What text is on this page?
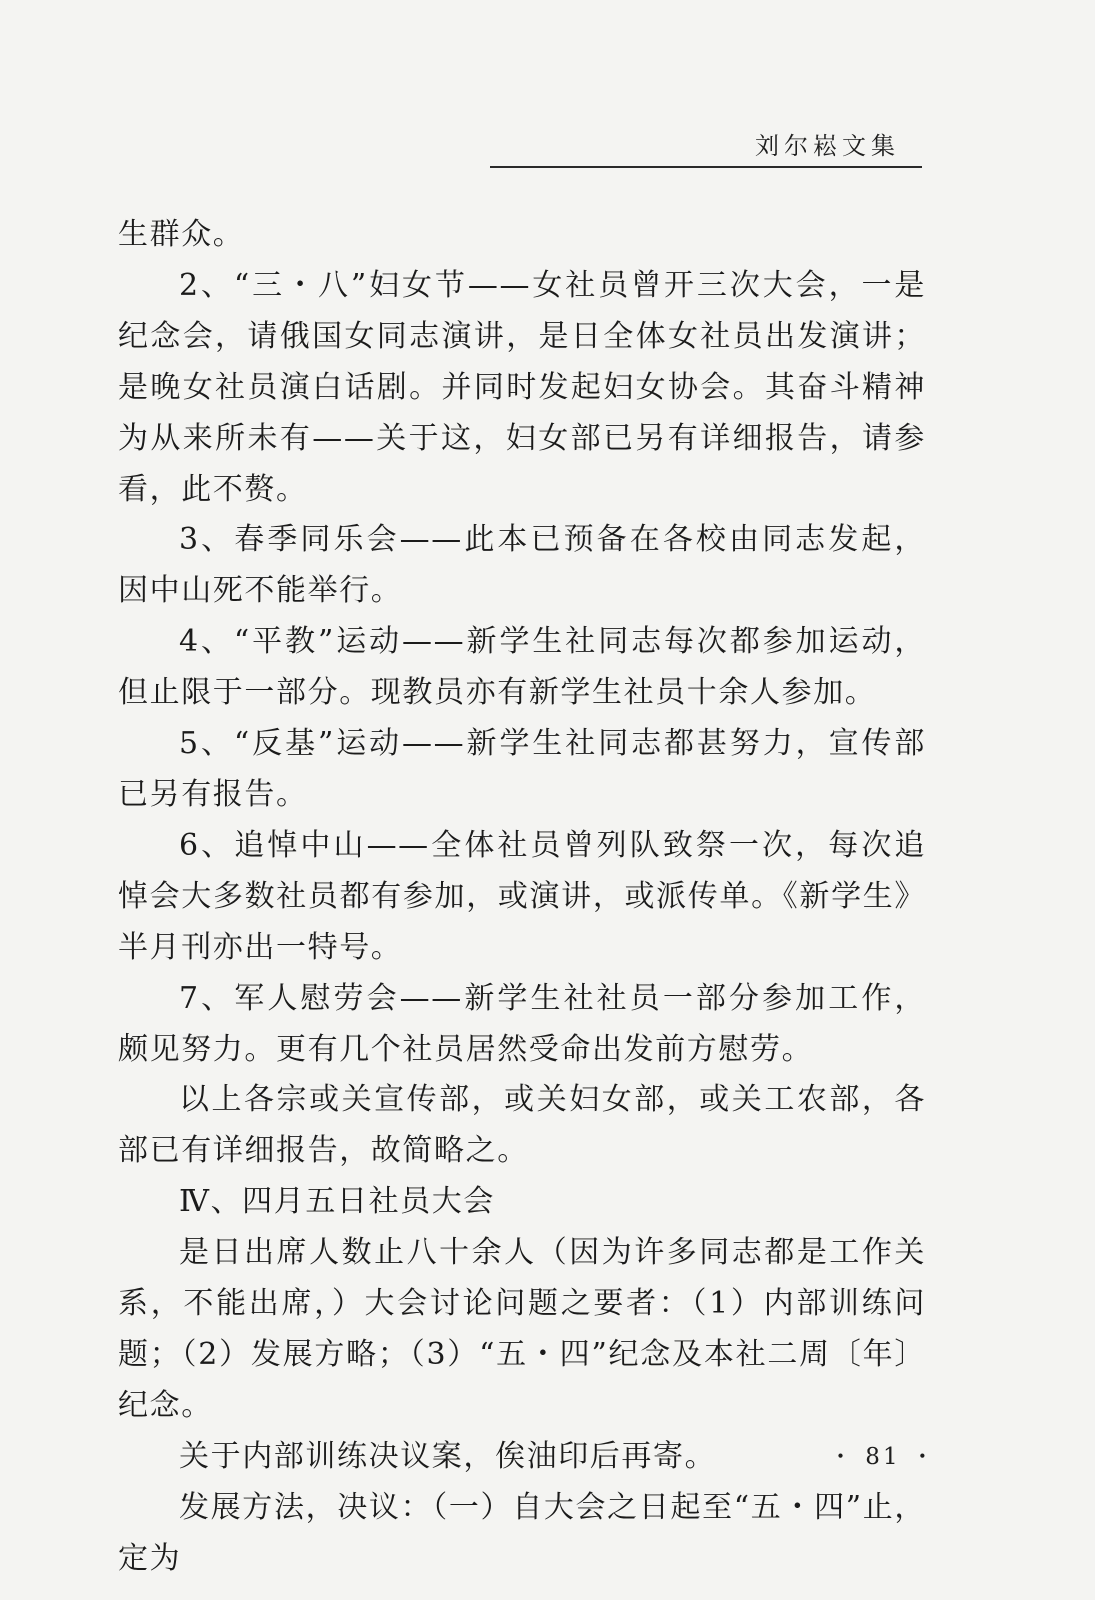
刘尔崧文集

生群众。

2、“三・八”妇女节——女社员曾开三次大会，一是纪念会，请俄国女同志演讲，是日全体女社员出发演讲；是晚女社员演白话剧。并同时发起妇女协会。其奋斗精神为从来所未有——关于这，妇女部已另有详细报告，请参看，此不赘。

3、春季同乐会——此本已预备在各校由同志发起，因中山死不能举行。

4、“平教”运动——新学生社同志每次都参加运动，但止限于一部分。现教员亦有新学生社员十余人参加。

5、“反基”运动——新学生社同志都甚努力，宣传部已另有报告。

6、追悼中山——全体社员曾列队致祭一次，每次追悼会大多数社员都有参加，或演讲，或派传单。《新学生》半月刊亦出一特号。

7、军人慰劳会——新学生社社员一部分参加工作，颇见努力。更有几个社员居然受命出发前方慰劳。

以上各宗或关宣传部，或关妇女部，或关工农部，各部已有详细报告，故简略之。

Ⅳ、四月五日社员大会

是日出席人数止八十余人（因为许多同志都是工作关系，不能出席，）大会讨论问题之要者：（1）内部训练问题；（2）发展方略；（3）“五・四”纪念及本社二周〔年〕纪念。

关于内部训练决议案，俟油印后再寄。

发展方法，决议：（一）自大会之日起至“五・四”止，定为

・ 81 ・
